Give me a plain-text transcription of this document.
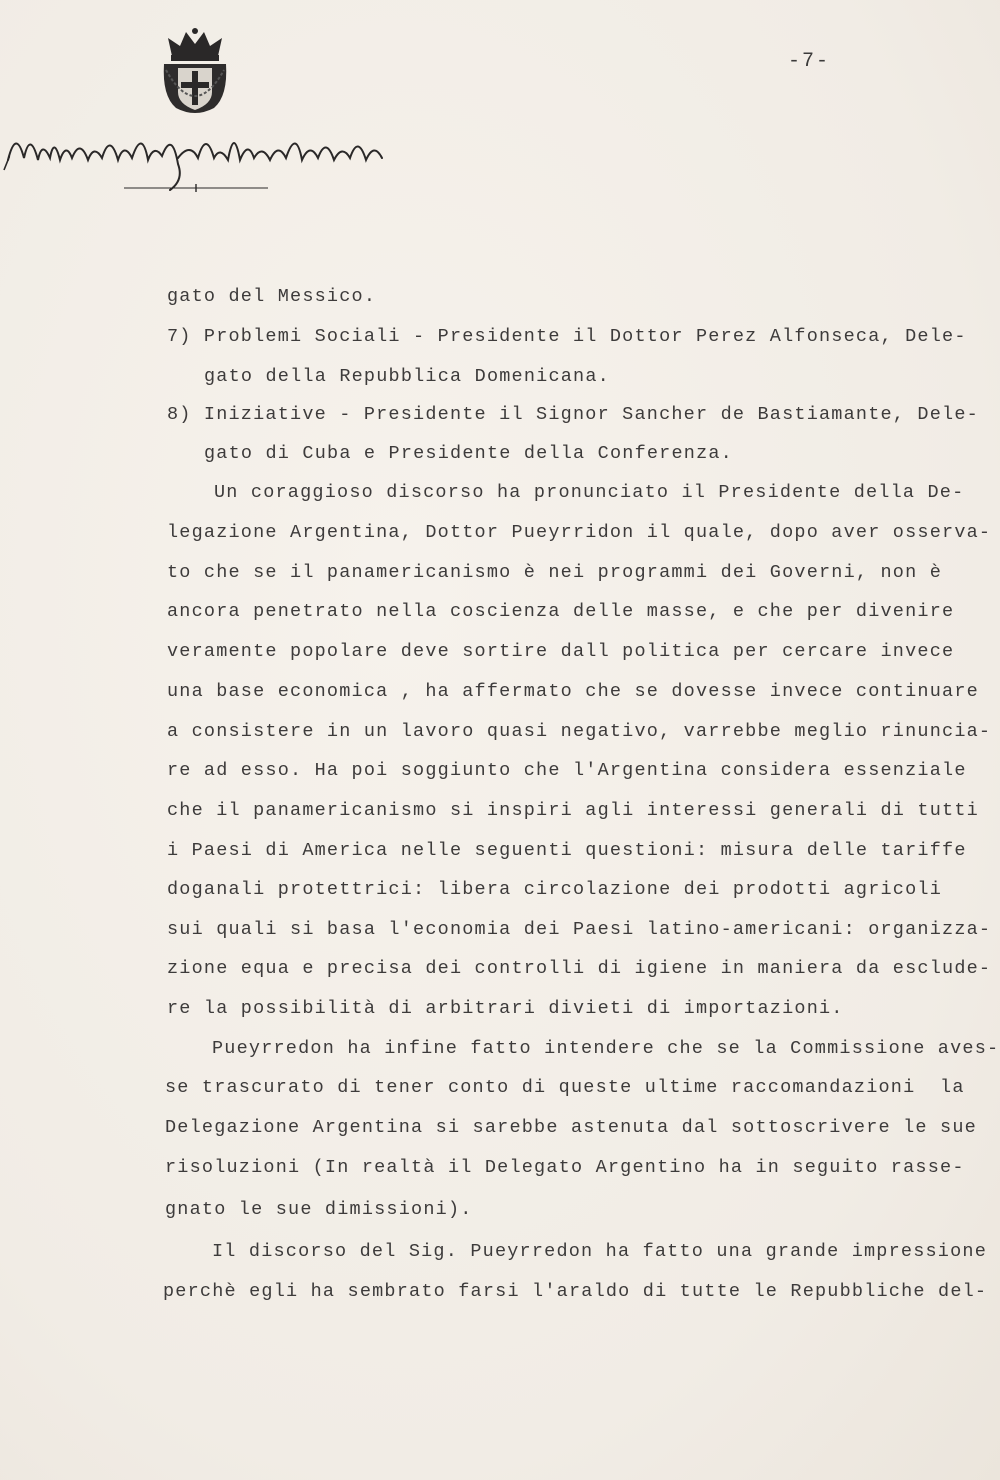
-7-
gato del Messico.
7) Problemi Sociali - Presidente il Dottor Perez Alfonseca, Dele-
gato della Repubblica Domenicana.
8) Iniziative - Presidente il Signor Sancher de Bastiamante, Dele-
gato di Cuba e Presidente della Conferenza.
Un coraggioso discorso ha pronunciato il Presidente della De-
legazione Argentina, Dottor Pueyrridon il quale, dopo aver osserva-
to che se il panamericanismo è nei programmi dei Governi, non è
ancora penetrato nella coscienza delle masse, e che per divenire
veramente popolare deve sortire dall politica per cercare invece
una base economica , ha affermato che se dovesse invece continuare
a consistere in un lavoro quasi negativo, varrebbe meglio rinuncia-
re ad esso. Ha poi soggiunto che l'Argentina considera essenziale
che il panamericanismo si inspiri agli interessi generali di tutti
i Paesi di America nelle seguenti questioni: misura delle tariffe
doganali protettrici: libera circolazione dei prodotti agricoli
sui quali si basa l'economia dei Paesi latino-americani: organizza-
zione equa e precisa dei controlli di igiene in maniera da escludе-
re la possibilità di arbitrari divieti di importazioni.
Pueyrredon ha infine fatto intendere che se la Commissione aves-
se trascurato di tener conto di queste ultime raccomandazioni  la
Delegazione Argentina si sarebbe astenuta dal sottoscrivere le sue
risoluzioni (In realtà il Delegato Argentino ha in seguito rasse-
gnato le sue dimissioni).
Il discorso del Sig. Pueyrredon ha fatto una grande impressione
perchè egli ha sembrato farsi l'araldo di tutte le Repubbliche del-
